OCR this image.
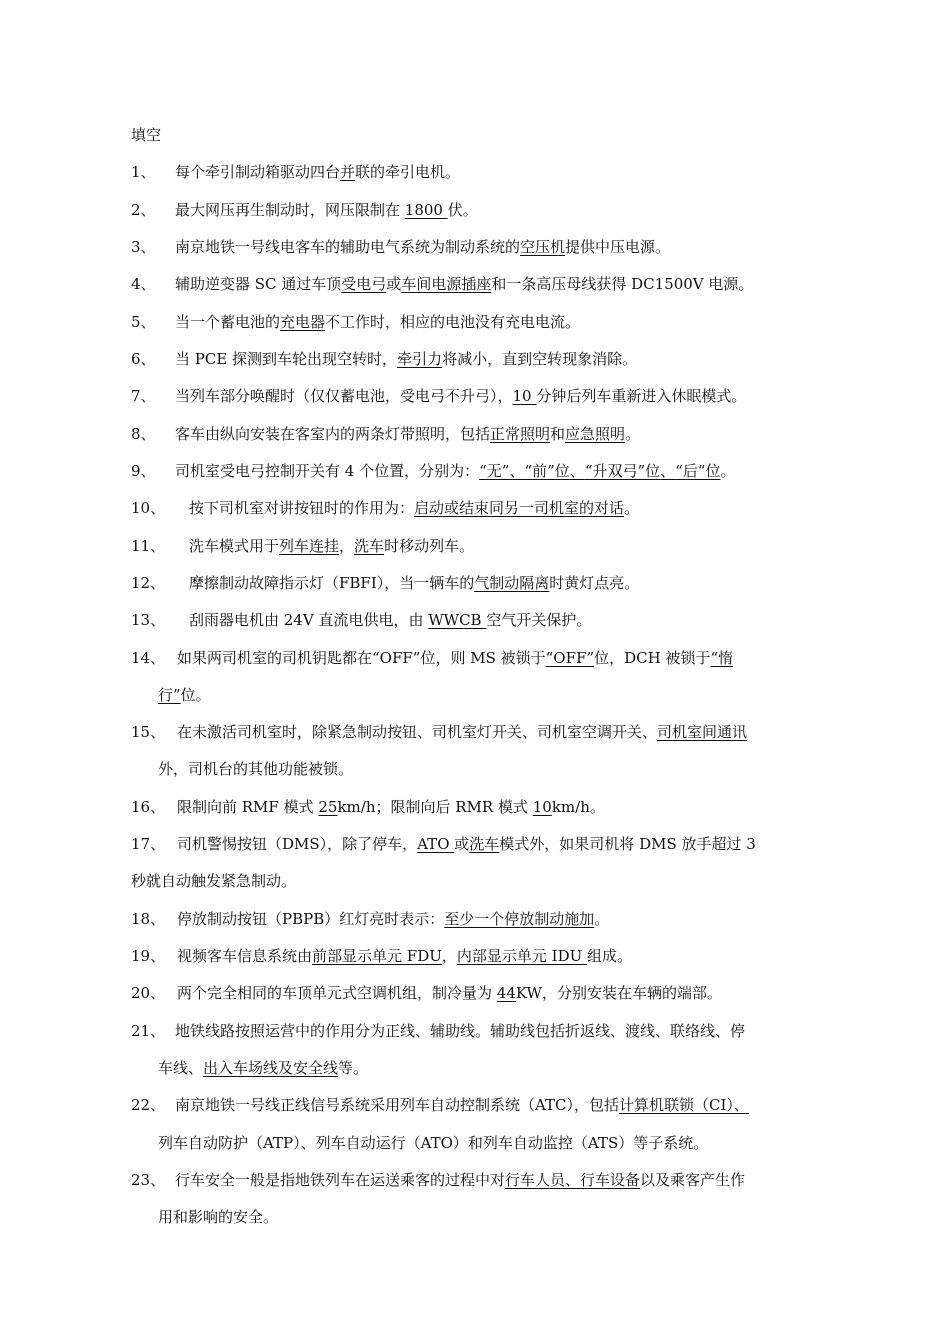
填空
1、 每个牵引制动箱驱动四台并联的牵引电机。
2、 最大网压再生制动时，网压限制在 1800 伏。
3、 南京地铁一号线电客车的辅助电气系统为制动系统的空压机提供中压电源。
4、 辅助逆变器 SC 通过车顶受电弓或车间电源插座和一条高压母线获得 DC1500V 电源。
5、 当一个蓄电池的充电器不工作时，相应的电池没有充电电流。
6、 当 PCE 探测到车轮出现空转时，牵引力将减小，直到空转现象消除。
7、 当列车部分唤醒时（仅仅蓄电池，受电弓不升弓），10 分钟后列车重新进入休眠模式。
8、 客车由纵向安装在客室内的两条灯带照明，包括正常照明和应急照明。
9、 司机室受电弓控制开关有 4 个位置，分别为：“无”、“前”位、“升双弓”位、“后”位。
10、 按下司机室对讲按钮时的作用为：启动或结束同另一司机室的对话。
11、 洗车模式用于列车连挂，洗车时移动列车。
12、 摩擦制动故障指示灯（FBFI），当一辆车的气制动隔离时黄灯点亮。
13、 刮雨器电机由 24V 直流电供电，由 WWCB 空气开关保护。
14、 如果两司机室的司机钥匙都在“OFF”位，则 MS 被锁于“OFF”位，DCH 被锁于“惰
行”位。
15、 在未激活司机室时，除紧急制动按钮、司机室灯开关、司机室空调开关、司机室间通讯
外，司机台的其他功能被锁。
16、 限制向前 RMF 模式 25km/h；限制向后 RMR 模式 10km/h。
17、 司机警惕按钮（DMS），除了停车，ATO 或洗车模式外，如果司机将 DMS 放手超过 3
秒就自动触发紧急制动。
18、 停放制动按钮（PBPB）红灯亮时表示：至少一个停放制动施加。
19、 视频客车信息系统由前部显示单元 FDU，内部显示单元 IDU 组成。
20、 两个完全相同的车顶单元式空调机组，制冷量为 44KW，分别安装在车辆的端部。
21、 地铁线路按照运营中的作用分为正线、辅助线。辅助线包括折返线、渡线、联络线、停
车线、出入车场线及安全线等。
22、 南京地铁一号线正线信号系统采用列车自动控制系统（ATC），包括计算机联锁（CI）、
列车自动防护（ATP）、列车自动运行（ATO）和列车自动监控（ATS）等子系统。
23、 行车安全一般是指地铁列车在运送乘客的过程中对行车人员、行车设备以及乘客产生作
用和影响的安全。
